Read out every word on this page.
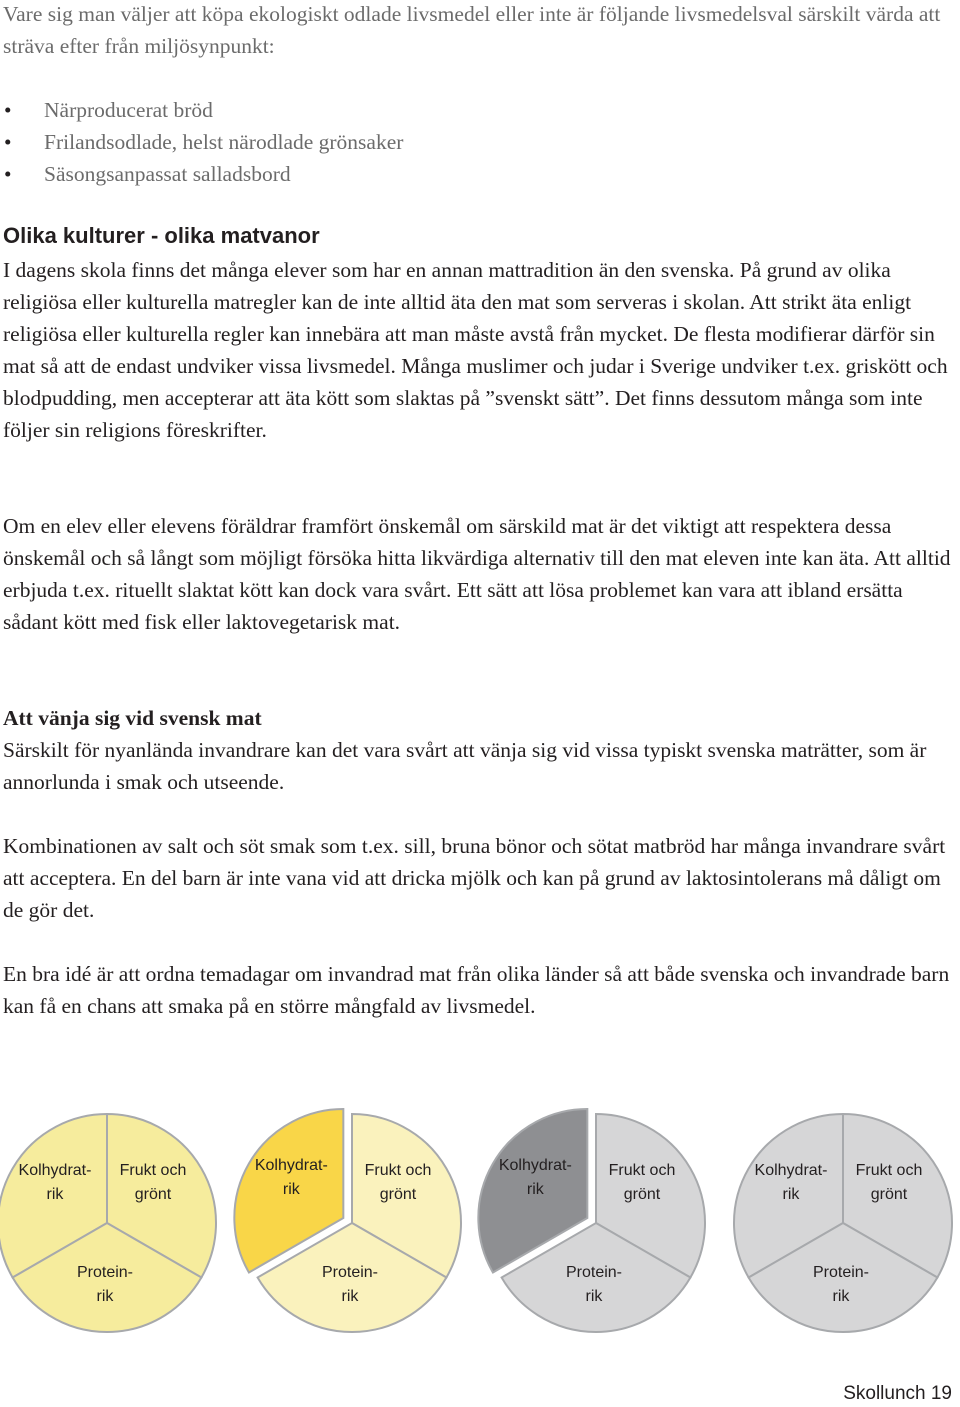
Vare sig man väljer att köpa ekologiskt odlade livsmedel eller inte är följande livsmedelsval särskilt värda att sträva efter från miljösynpunkt:
• Närproducerat bröd
• Frilandsodlade, helst närodlade grönsaker
• Säsongsanpassat salladsbord
Olika kulturer - olika matvanor

I dagens skola finns det många elever som har en annan mattradition än den svenska. På grund av olika religiösa eller kulturella matregler kan de inte alltid äta den mat som serveras i skolan. Att strikt äta enligt religiösa eller kulturella regler kan innebära att man måste avstå från mycket. De flesta modifierar därför sin mat så att de endast undviker vissa livsmedel. Många muslimer och judar i Sverige undviker t.ex. griskött och blodpudding, men accepterar att äta kött som slaktas på ”svenskt sätt”. Det finns dessutom många som inte följer sin religions föreskrifter.

Om en elev eller elevens föräldrar framfört önskemål om särskild mat är det viktigt att respektera dessa önskemål och så långt som möjligt försöka hitta likvärdiga alternativ till den mat eleven inte kan äta. Att alltid erbjuda t.ex. rituellt slaktat kött kan dock vara svårt. Ett sätt att lösa problemet kan vara att ibland ersätta sådant kött med fisk eller laktovegetarisk mat.

Att vänja sig vid svensk mat

Särskilt för nyanlända invandrare kan det vara svårt att vänja sig vid vissa typiskt svenska maträtter, som är annorlunda i smak och utseende.

Kombinationen av salt och söt smak som t.ex. sill, bruna bönor och sötat matbröd har många invandrare svårt att acceptera. En del barn är inte vana vid att dricka mjölk och kan på grund av laktosintolerans må dåligt om de gör det.

En bra idé är att ordna temadagar om invandrad mat från olika länder så att både svenska och invandrade barn kan få en chans att smaka på en större mångfald av livsmedel.

Kolhydrat-
rik
Frukt och
grönt
Protein-
rik
Kolhydrat-
rik
Frukt och
grönt
Protein-
rik
Kolhydrat-
rik
Frukt och
grönt
Protein-
rik
Kolhydrat-
rik
Frukt och
grönt
Protein-
rik
Skollunch 19
